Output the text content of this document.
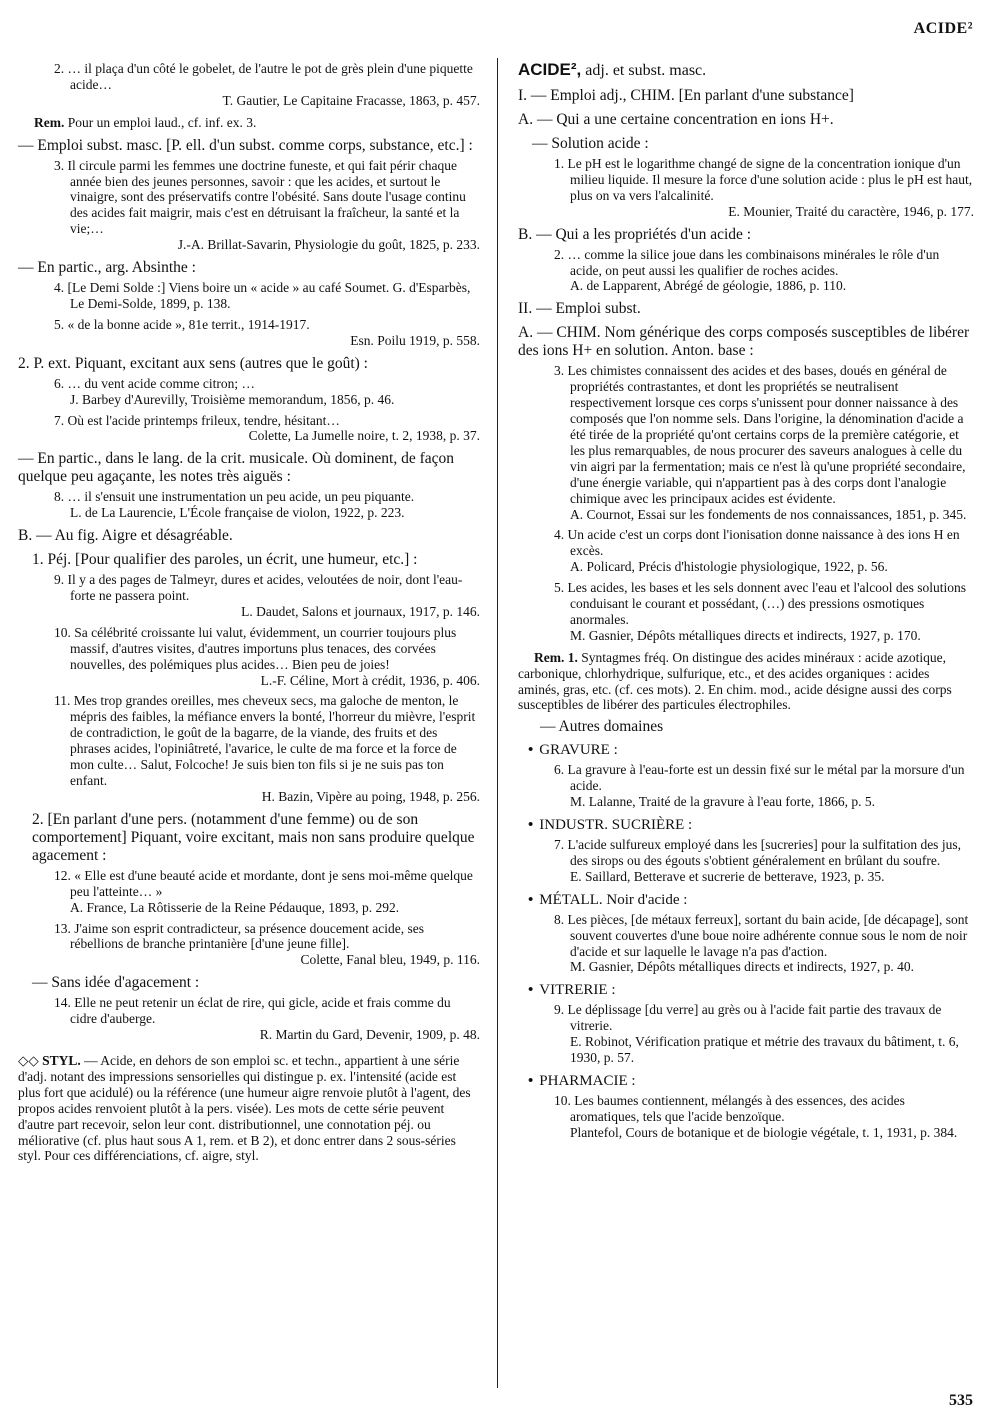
ACIDE²
2. … il plaça d'un côté le gobelet, de l'autre le pot de grès plein d'une piquette acide…
T. Gautier, Le Capitaine Fracasse, 1863, p. 457.
Rem. Pour un emploi laud., cf. inf. ex. 3.
— Emploi subst. masc. [P. ell. d'un subst. comme corps, substance, etc.] :
3. Il circule parmi les femmes une doctrine funeste, et qui fait périr chaque année bien des jeunes personnes, savoir : que les acides, et surtout le vinaigre, sont des préservatifs contre l'obésité. Sans doute l'usage continu des acides fait maigrir, mais c'est en détruisant la fraîcheur, la santé et la vie;…
J.-A. Brillat-Savarin, Physiologie du goût, 1825, p. 233.
— En partic., arg. Absinthe :
4. [Le Demi Solde :] Viens boire un « acide » au café Soumet. G. d'Esparbès, Le Demi-Solde, 1899, p. 138.
5. « de la bonne acide », 81e territ., 1914-1917.
Esn. Poilu 1919, p. 558.
2. P. ext. Piquant, excitant aux sens (autres que le goût) :
6. … du vent acide comme citron; …
J. Barbey d'Aurevilly, Troisième memorandum, 1856, p. 46.
7. Où est l'acide printemps frileux, tendre, hésitant…
Colette, La Jumelle noire, t. 2, 1938, p. 37.
— En partic., dans le lang. de la crit. musicale. Où dominent, de façon quelque peu agaçante, les notes très aiguës :
8. … il s'ensuit une instrumentation un peu acide, un peu piquante.
L. de La Laurencie, L'École française de violon, 1922, p. 223.
B. — Au fig. Aigre et désagréable.
1. Péj. [Pour qualifier des paroles, un écrit, une humeur, etc.] :
9. Il y a des pages de Talmeyr, dures et acides, veloutées de noir, dont l'eau-forte ne passera point.
L. Daudet, Salons et journaux, 1917, p. 146.
10. Sa célébrité croissante lui valut, évidemment, un courrier toujours plus massif, d'autres visites, d'autres importuns plus tenaces, des corvées nouvelles, des polémiques plus acides… Bien peu de joies!
L.-F. Céline, Mort à crédit, 1936, p. 406.
11. Mes trop grandes oreilles, mes cheveux secs, ma galoche de menton, le mépris des faibles, la méfiance envers la bonté, l'horreur du mièvre, l'esprit de contradiction, le goût de la bagarre, de la viande, des fruits et des phrases acides, l'opiniâtreté, l'avarice, le culte de ma force et la force de mon culte… Salut, Folcoche! Je suis bien ton fils si je ne suis pas ton enfant.
H. Bazin, Vipère au poing, 1948, p. 256.
2. [En parlant d'une pers. (notamment d'une femme) ou de son comportement] Piquant, voire excitant, mais non sans produire quelque agacement :
12. « Elle est d'une beauté acide et mordante, dont je sens moi-même quelque peu l'atteinte… »
A. France, La Rôtisserie de la Reine Pédauque, 1893, p. 292.
13. J'aime son esprit contradicteur, sa présence doucement acide, ses rébellions de branche printanière [d'une jeune fille].
Colette, Fanal bleu, 1949, p. 116.
— Sans idée d'agacement :
14. Elle ne peut retenir un éclat de rire, qui gicle, acide et frais comme du cidre d'auberge.
R. Martin du Gard, Devenir, 1909, p. 48.
◇◇ STYL. — Acide, en dehors de son emploi sc. et techn., appartient à une série d'adj. notant des impressions sensorielles qui distingue p. ex. l'intensité (acide est plus fort que acidulé) ou la référence (une humeur aigre renvoie plutôt à l'agent, des propos acides renvoient plutôt à la pers. visée). Les mots de cette série peuvent d'autre part recevoir, selon leur cont. distributionnel, une connotation péj. ou méliorative (cf. plus haut sous A 1, rem. et B 2), et donc entrer dans 2 sous-séries styl. Pour ces différenciations, cf. aigre, styl.
ACIDE², adj. et subst. masc.
I. — Emploi adj., CHIM. [En parlant d'une substance]
A. — Qui a une certaine concentration en ions H+.
— Solution acide :
1. Le pH est le logarithme changé de signe de la concentration ionique d'un milieu liquide. Il mesure la force d'une solution acide : plus le pH est haut, plus on va vers l'alcalinité.
E. Mounier, Traité du caractère, 1946, p. 177.
B. — Qui a les propriétés d'un acide :
2. … comme la silice joue dans les combinaisons minérales le rôle d'un acide, on peut aussi les qualifier de roches acides.
A. de Lapparent, Abrégé de géologie, 1886, p. 110.
II. — Emploi subst.
A. — CHIM. Nom générique des corps composés susceptibles de libérer des ions H+ en solution. Anton. base :
3. Les chimistes connaissent des acides et des bases, doués en général de propriétés contrastantes, et dont les propriétés se neutralisent respectivement lorsque ces corps s'unissent pour donner naissance à des composés que l'on nomme sels. Dans l'origine, la dénomination d'acide a été tirée de la propriété qu'ont certains corps de la première catégorie, et les plus remarquables, de nous procurer des saveurs analogues à celle du vin aigri par la fermentation; mais ce n'est là qu'une propriété secondaire, d'une énergie variable, qui n'appartient pas à des corps dont l'analogie chimique avec les principaux acides est évidente.
A. Cournot, Essai sur les fondements de nos connaissances, 1851, p. 345.
4. Un acide c'est un corps dont l'ionisation donne naissance à des ions H en excès.
A. Policard, Précis d'histologie physiologique, 1922, p. 56.
5. Les acides, les bases et les sels donnent avec l'eau et l'alcool des solutions conduisant le courant et possédant, (…) des pressions osmotiques anormales.
M. Gasnier, Dépôts métalliques directs et indirects, 1927, p. 170.
Rem. 1. Syntagmes fréq. On distingue des acides minéraux : acide azotique, carbonique, chlorhydrique, sulfurique, etc., et des acides organiques : acides aminés, gras, etc. (cf. ces mots). 2. En chim. mod., acide désigne aussi des corps susceptibles de libérer des particules électrophiles.
— Autres domaines
• GRAVURE :
6. La gravure à l'eau-forte est un dessin fixé sur le métal par la morsure d'un acide.
M. Lalanne, Traité de la gravure à l'eau forte, 1866, p. 5.
• INDUSTR. SUCRIÈRE :
7. L'acide sulfureux employé dans les [sucreries] pour la sulfitation des jus, des sirops ou des égouts s'obtient généralement en brûlant du soufre.
E. Saillard, Betterave et sucrerie de betterave, 1923, p. 35.
• MÉTALL. Noir d'acide :
8. Les pièces, [de métaux ferreux], sortant du bain acide, [de décapage], sont souvent couvertes d'une boue noire adhérente connue sous le nom de noir d'acide et sur laquelle le lavage n'a pas d'action.
M. Gasnier, Dépôts métalliques directs et indirects, 1927, p. 40.
• VITRERIE :
9. Le déplissage [du verre] au grès ou à l'acide fait partie des travaux de vitrerie.
E. Robinot, Vérification pratique et métrie des travaux du bâtiment, t. 6, 1930, p. 57.
• PHARMACIE :
10. Les baumes contiennent, mélangés à des essences, des acides aromatiques, tels que l'acide benzoïque.
Plantefol, Cours de botanique et de biologie végétale, t. 1, 1931, p. 384.
535
